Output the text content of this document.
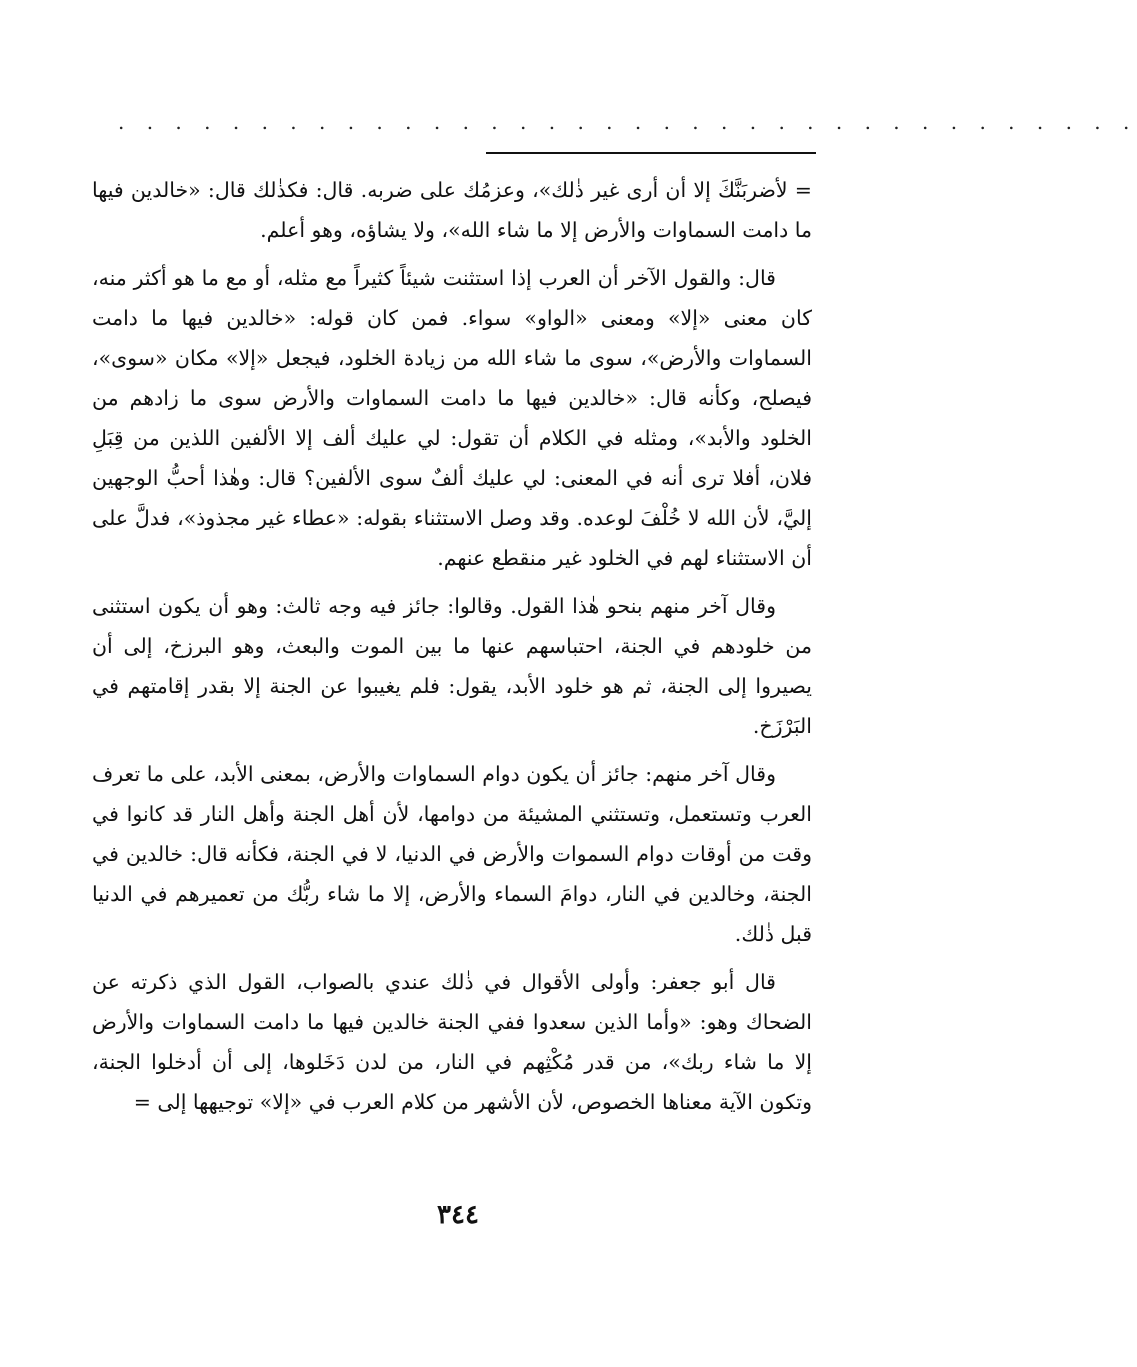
. . . . . . . . . . . . . . . . . . . . . . . . . . . . . . . . . . . .

= لأضربَنَّكَ إلا أن أرى غير ذٰلك»، وعزمُك على ضربه. قال: فكذٰلك قال: «خالدين فيها ما دامت السماوات والأرض إلا ما شاء الله»، ولا يشاؤه، وهو أعلم.

قال: والقول الآخر أن العرب إذا استثنت شيئاً كثيراً مع مثله، أو مع ما هو أكثر منه، كان معنى «إلا» ومعنى «الواو» سواء. فمن كان قوله: «خالدين فيها ما دامت السماوات والأرض»، سوى ما شاء الله من زيادة الخلود، فيجعل «إلا» مكان «سوى»، فيصلح، وكأنه قال: «خالدين فيها ما دامت السماوات والأرض سوى ما زادهم من الخلود والأبد»، ومثله في الكلام أن تقول: لي عليك ألف إلا الألفين اللذين من قِبَلِ فلان، أفلا ترى أنه في المعنى: لي عليك ألفٌ سوى الألفين؟ قال: وهٰذا أحبُّ الوجهين إليَّ، لأن الله لا خُلْفَ لوعده. وقد وصل الاستثناء بقوله: «عطاء غير مجذوذ»، فدلَّ على أن الاستثناء لهم في الخلود غير منقطع عنهم.

وقال آخر منهم بنحو هٰذا القول. وقالوا: جائز فيه وجه ثالث: وهو أن يكون استثنى من خلودهم في الجنة، احتباسهم عنها ما بين الموت والبعث، وهو البرزخ، إلى أن يصيروا إلى الجنة، ثم هو خلود الأبد، يقول: فلم يغيبوا عن الجنة إلا بقدر إقامتهم في البَرْزَخ.

وقال آخر منهم: جائز أن يكون دوام السماوات والأرض، بمعنى الأبد، على ما تعرف العرب وتستعمل، وتستثني المشيئة من دوامها، لأن أهل الجنة وأهل النار قد كانوا في وقت من أوقات دوام السموات والأرض في الدنيا، لا في الجنة، فكأنه قال: خالدين في الجنة، وخالدين في النار، دوامَ السماء والأرض، إلا ما شاء ربُّك من تعميرهم في الدنيا قبل ذٰلك.

قال أبو جعفر: وأولى الأقوال في ذٰلك عندي بالصواب، القول الذي ذكرته عن الضحاك وهو: «وأما الذين سعدوا ففي الجنة خالدين فيها ما دامت السماوات والأرض إلا ما شاء ربك»، من قدر مُكْثِهم في النار، من لدن دَخَلوها، إلى أن أدخلوا الجنة، وتكون الآية معناها الخصوص، لأن الأشهر من كلام العرب في «إلا» توجيهها إلى =

٣٤٤
